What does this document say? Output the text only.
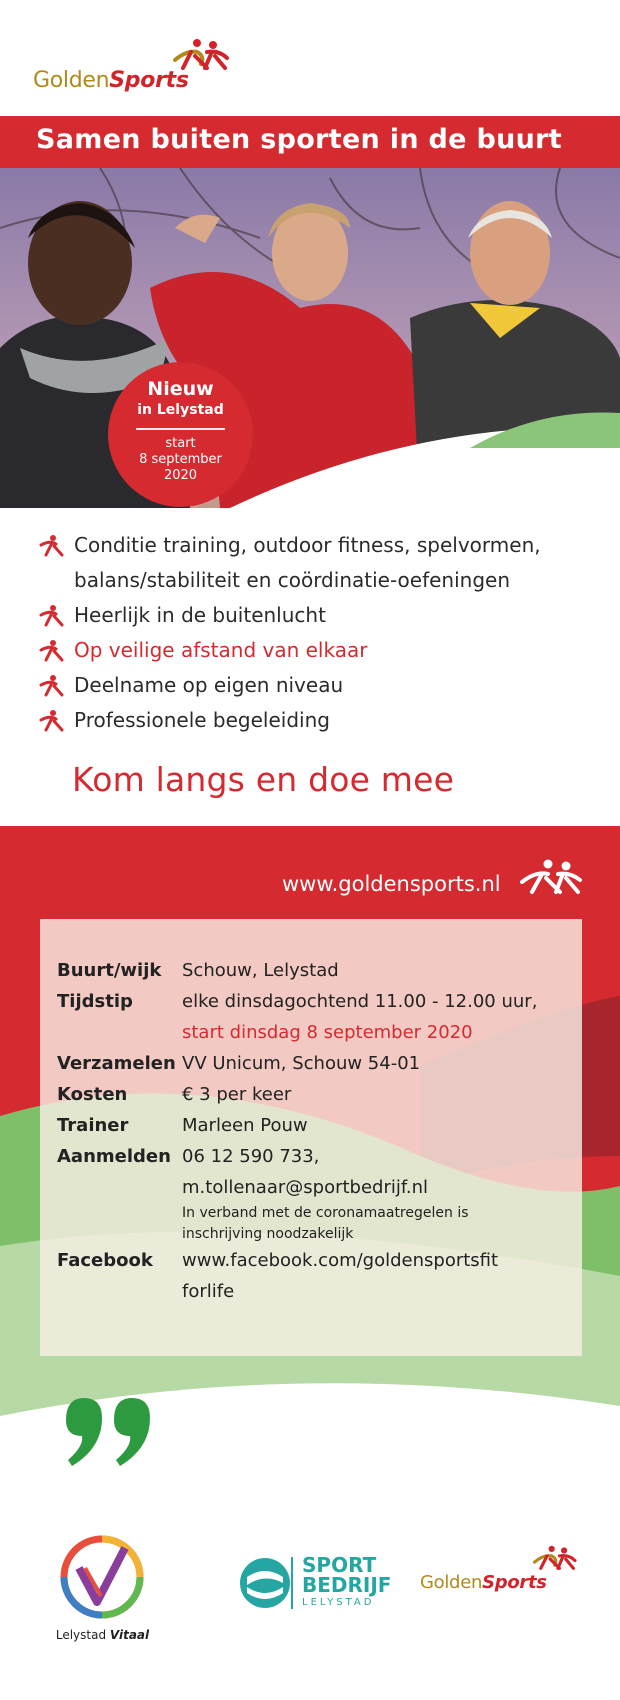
GoldenSports
Samen buiten sporten in de buurt
Nieuw
in Lelystad
start
8 september
2020
Conditie training, outdoor fitness, spelvormen,
balans/stabiliteit en coördinatie-oefeningen
Heerlijk in de buitenlucht
Op veilige afstand van elkaar
Deelname op eigen niveau
Professionele begeleiding
Kom langs en doe mee
www.goldensports.nl
Buurt/wijk	Schouw, Lelystad
Tijdstip	elke dinsdagochtend 11.00 - 12.00 uur,
start dinsdag 8 september 2020
Verzamelen VV Unicum, Schouw 54-01
Kosten	€ 3 per keer
Trainer	Marleen Pouw
Aanmelden 06 12 590 733,
m.tollenaar@sportbedrijf.nl
In verband met de coronamaatregelen is
inschrijving noodzakelijk
Facebook	www.facebook.com/goldensportsfit
forlife
‘Je leert weer nieuwe mensen in de buurt kennen.’
‘Als ik heb meegedaan heb ik de hele dag
een goed humeur.’
Lelystad Vitaal
SPORT
BEDRIJF
LELYSTAD
GoldenSports
